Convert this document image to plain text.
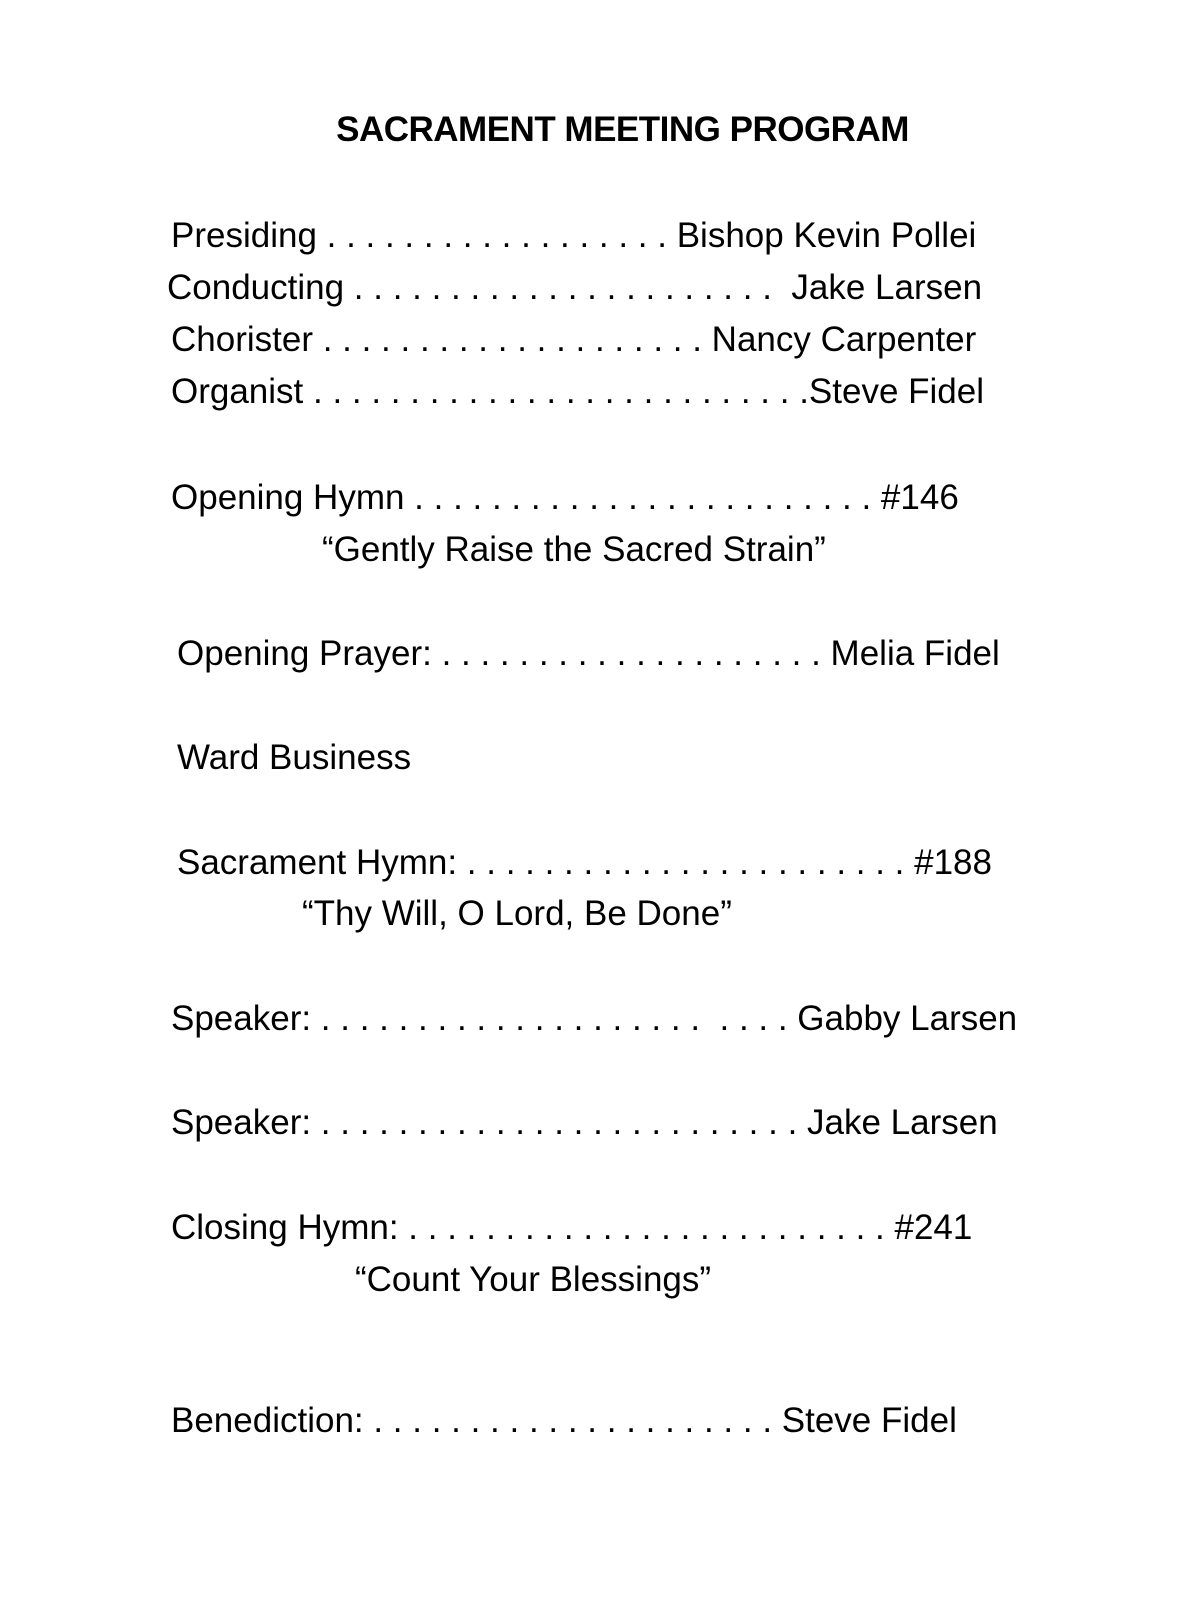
SACRAMENT MEETING PROGRAM
Presiding . . . . . . . . . . . . . . . . . . Bishop Kevin Pollei
Conducting . . . . . . . . . . . . . . . . . . . . . .  Jake Larsen
Chorister . . . . . . . . . . . . . . . . . . . . Nancy Carpenter
Organist . . . . . . . . . . . . . . . . . . . . . . . . . .Steve Fidel
Opening Hymn . . . . . . . . . . . . . . . . . . . . . . . . #146
“Gently Raise the Sacred Strain”
Opening Prayer: . . . . . . . . . . . . . . . . . . . . Melia Fidel
Ward Business
Sacrament Hymn: . . . . . . . . . . . . . . . . . . . . . . . #188
“Thy Will, O Lord, Be Done”
Speaker: . . . . . . . . . . . . . . . . . . . .  . . . . Gabby Larsen
Speaker: . . . . . . . . . . . . . . . . . . . . . . . . . Jake Larsen
Closing Hymn: . . . . . . . . . . . . . . . . . . . . . . . . . #241
“Count Your Blessings”
Benediction: . . . . . . . . . . . . . . . . . . . . . Steve Fidel
